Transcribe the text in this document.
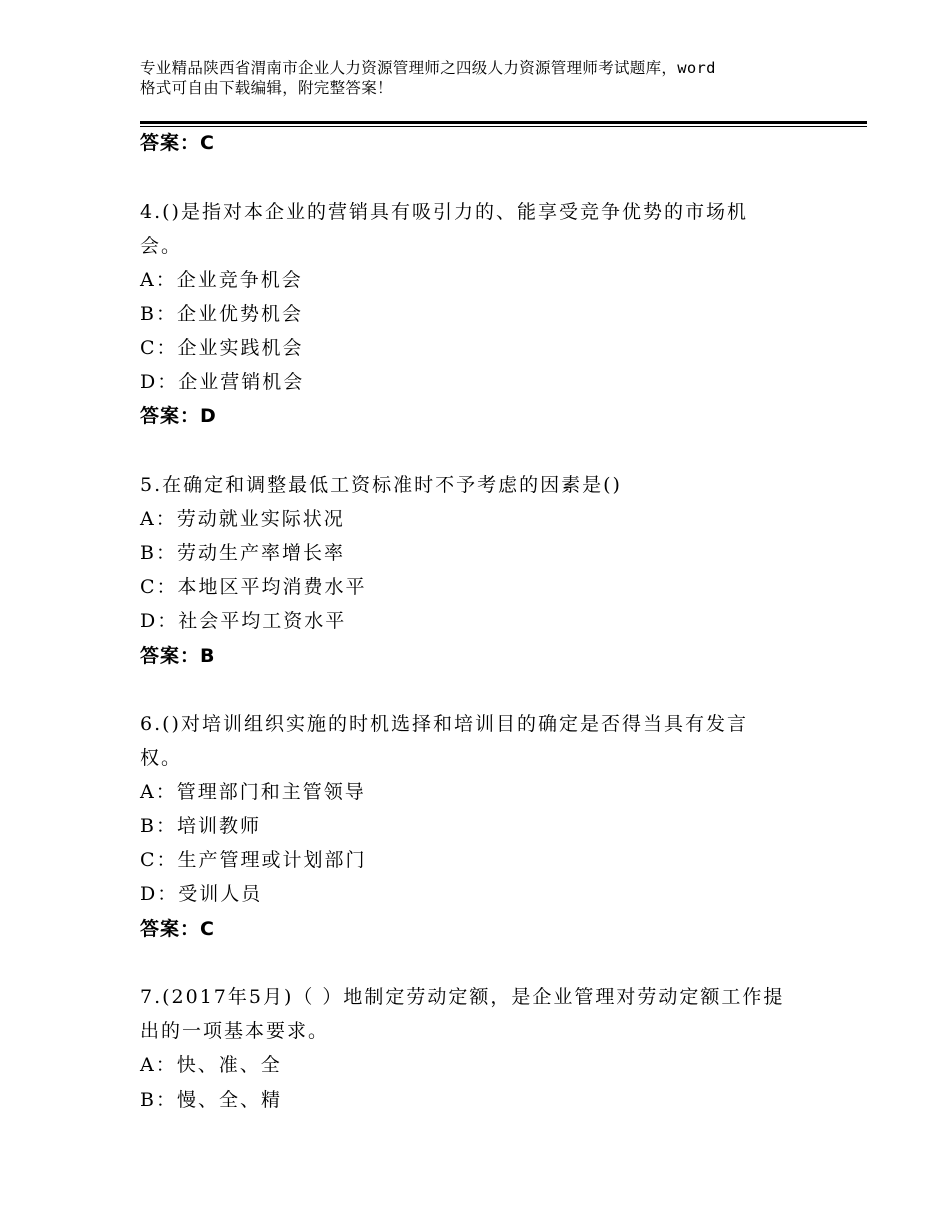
专业精品陕西省渭南市企业人力资源管理师之四级人力资源管理师考试题库，word
格式可自由下载编辑，附完整答案！
答案：C
4.()是指对本企业的营销具有吸引力的、能享受竞争优势的市场机
会。
A：企业竞争机会
B：企业优势机会
C：企业实践机会
D：企业营销机会
答案：D
5.在确定和调整最低工资标准时不予考虑的因素是()
A：劳动就业实际状况
B：劳动生产率增长率
C：本地区平均消费水平
D：社会平均工资水平
答案：B
6.()对培训组织实施的时机选择和培训目的确定是否得当具有发言
权。
A：管理部门和主管领导
B：培训教师
C：生产管理或计划部门
D：受训人员
答案：C
7.(2017年5月)（ ）地制定劳动定额，是企业管理对劳动定额工作提
出的一项基本要求。
A：快、准、全
B：慢、全、精
